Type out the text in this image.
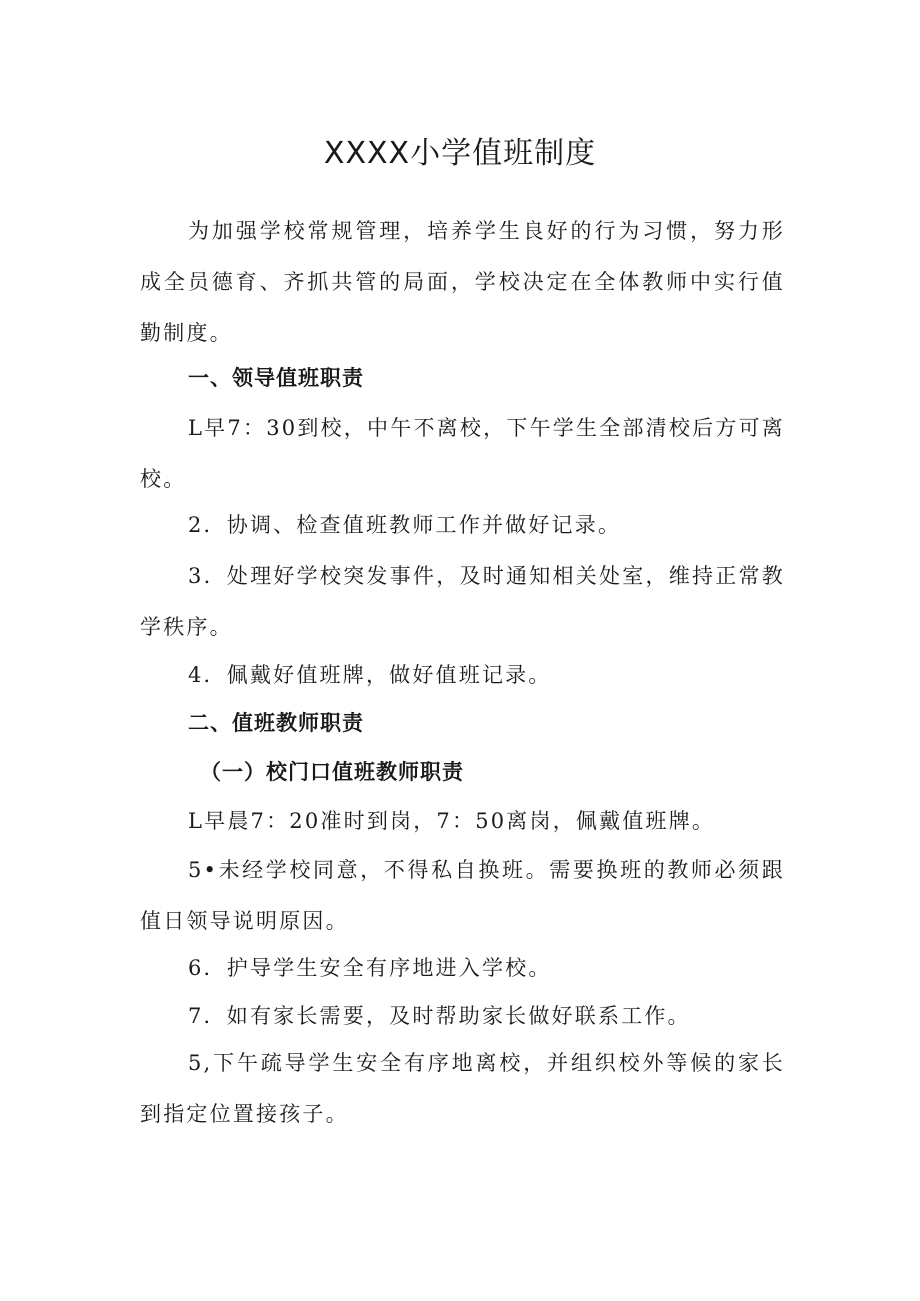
XXXX小学值班制度

为加强学校常规管理，培养学生良好的行为习惯，努力形成全员德育、齐抓共管的局面，学校决定在全体教师中实行值勤制度。

一、领导值班职责

L早7：30到校，中午不离校，下午学生全部清校后方可离校。

2．协调、检查值班教师工作并做好记录。

3．处理好学校突发事件，及时通知相关处室，维持正常教学秩序。

4．佩戴好值班牌，做好值班记录。

二、值班教师职责

（一）校门口值班教师职责

L早晨7：20准时到岗，7：50离岗，佩戴值班牌。

5•未经学校同意，不得私自换班。需要换班的教师必须跟值日领导说明原因。

6．护导学生安全有序地进入学校。

7．如有家长需要，及时帮助家长做好联系工作。

5,下午疏导学生安全有序地离校，并组织校外等候的家长到指定位置接孩子。
